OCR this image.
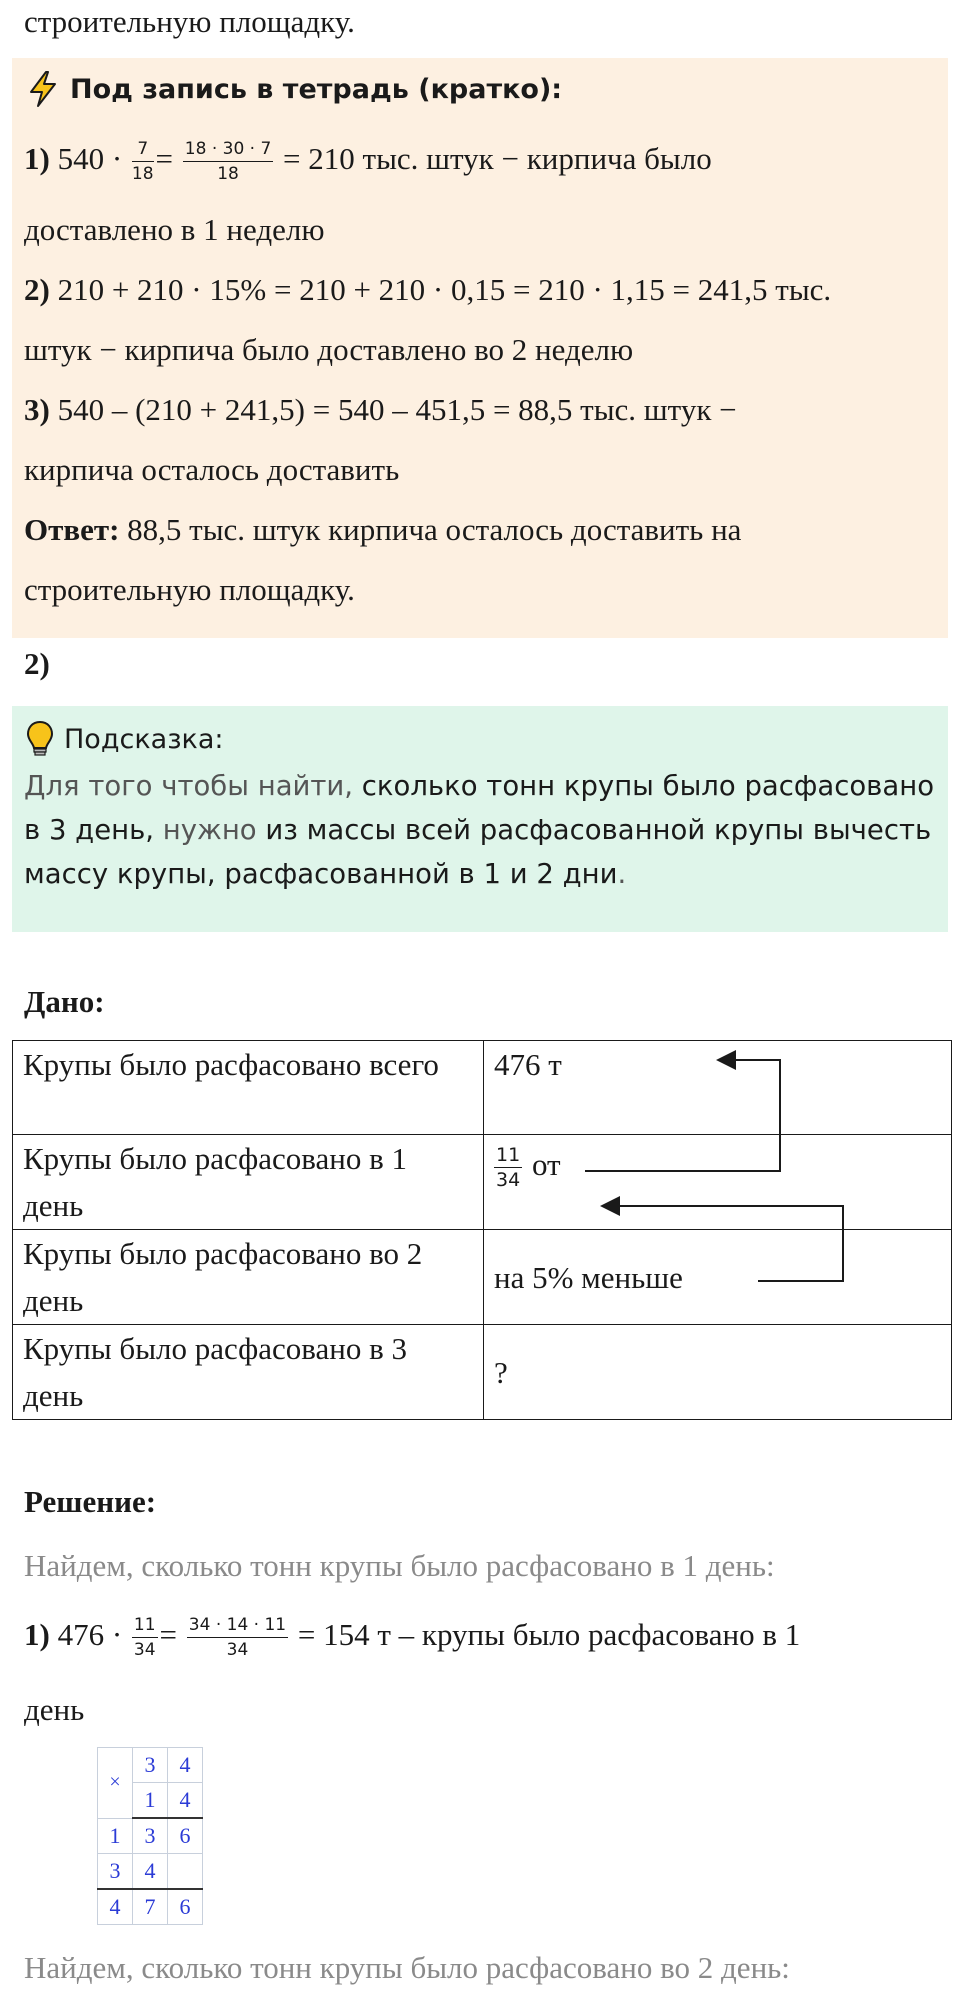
строительную площадку.
Под запись в тетрадь (кратко):
1) $540 \cdot \frac{7}{18} = \frac{18 \cdot 30 \cdot 7}{18} = 210$ тыс. штук − кирпича было
доставлено в 1 неделю
2) 210 + 210 · 15% = 210 + 210 · 0,15 = 210 · 1,15 = 241,5 тыс.
штук − кирпича было доставлено во 2 неделю
3) 540 – (210 + 241,5) = 540 – 451,5 = 88,5 тыс. штук −
кирпича осталось доставить
Ответ: 88,5 тыс. штук кирпича осталось доставить на
строительную площадку.
2)
Подсказка:
Для того чтобы найти, сколько тонн крупы было расфасовано в 3 день, нужно из массы всей расфасованной крупы вычесть массу крупы, расфасованной в 1 и 2 дни.
Дано:
Крупы было расфасовано всего	476 т
Крупы было расфасовано в 1 день	$\frac{11}{34}$ от
Крупы было расфасовано во 2 день	на 5% меньше
Крупы было расфасовано в 3 день	?
Решение:
Найдем, сколько тонн крупы было расфасовано в 1 день:
1) $476 \cdot \frac{11}{34} = \frac{34 \cdot 14 \cdot 11}{34} = 154$ т – крупы было расфасовано в 1
день
×	3	4
	1	4
1	3	6
3	4	
4	7	6
Найдем, сколько тонн крупы было расфасовано во 2 день:
